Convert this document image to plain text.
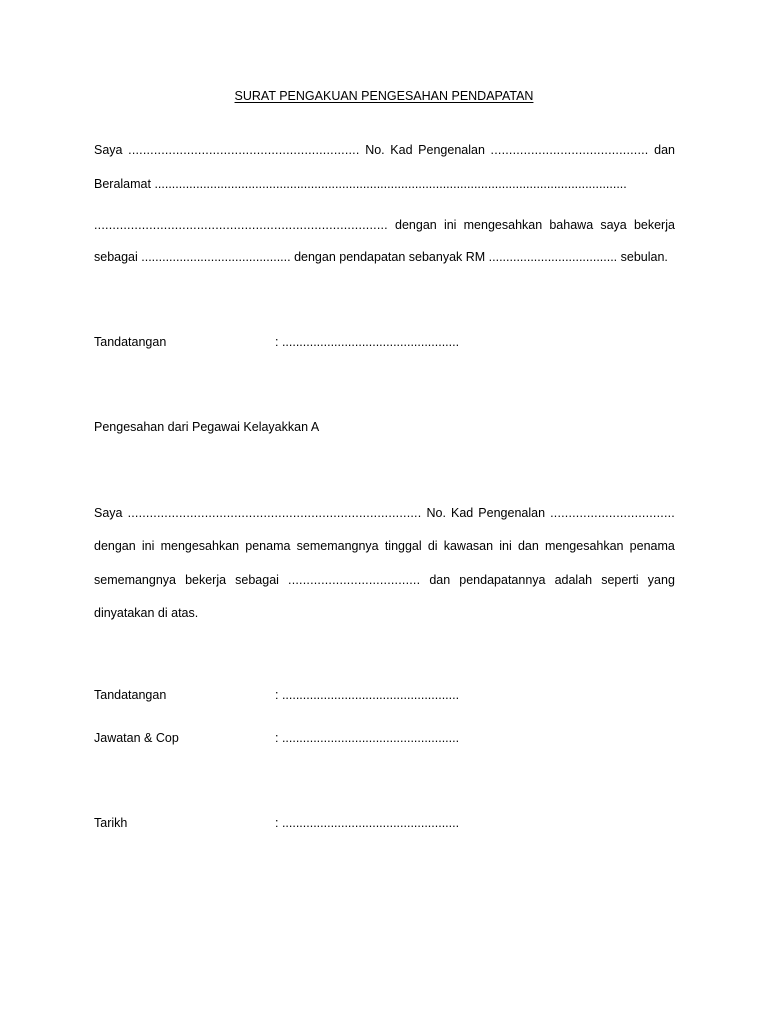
SURAT PENGAKUAN PENGESAHAN PENDAPATAN
Saya ............................................................... No. Kad Pengenalan ........................................... dan
Beralamat ........................................................................................................................................
................................................................................ dengan ini mengesahkan bahawa saya bekerja
sebagai ........................................... dengan pendapatan sebanyak RM ..................................... sebulan.
Tandatangan	: ...................................................
Pengesahan dari Pegawai Kelayakkan A
Saya ................................................................................ No. Kad Pengenalan ..................................
dengan ini mengesahkan penama sememangnya tinggal di kawasan ini dan mengesahkan penama
sememangnya bekerja sebagai .................................... dan pendapatannya adalah seperti yang
dinyatakan di atas.
Tandatangan	: ...................................................
Jawatan & Cop	: ...................................................
Tarikh	: ...................................................
